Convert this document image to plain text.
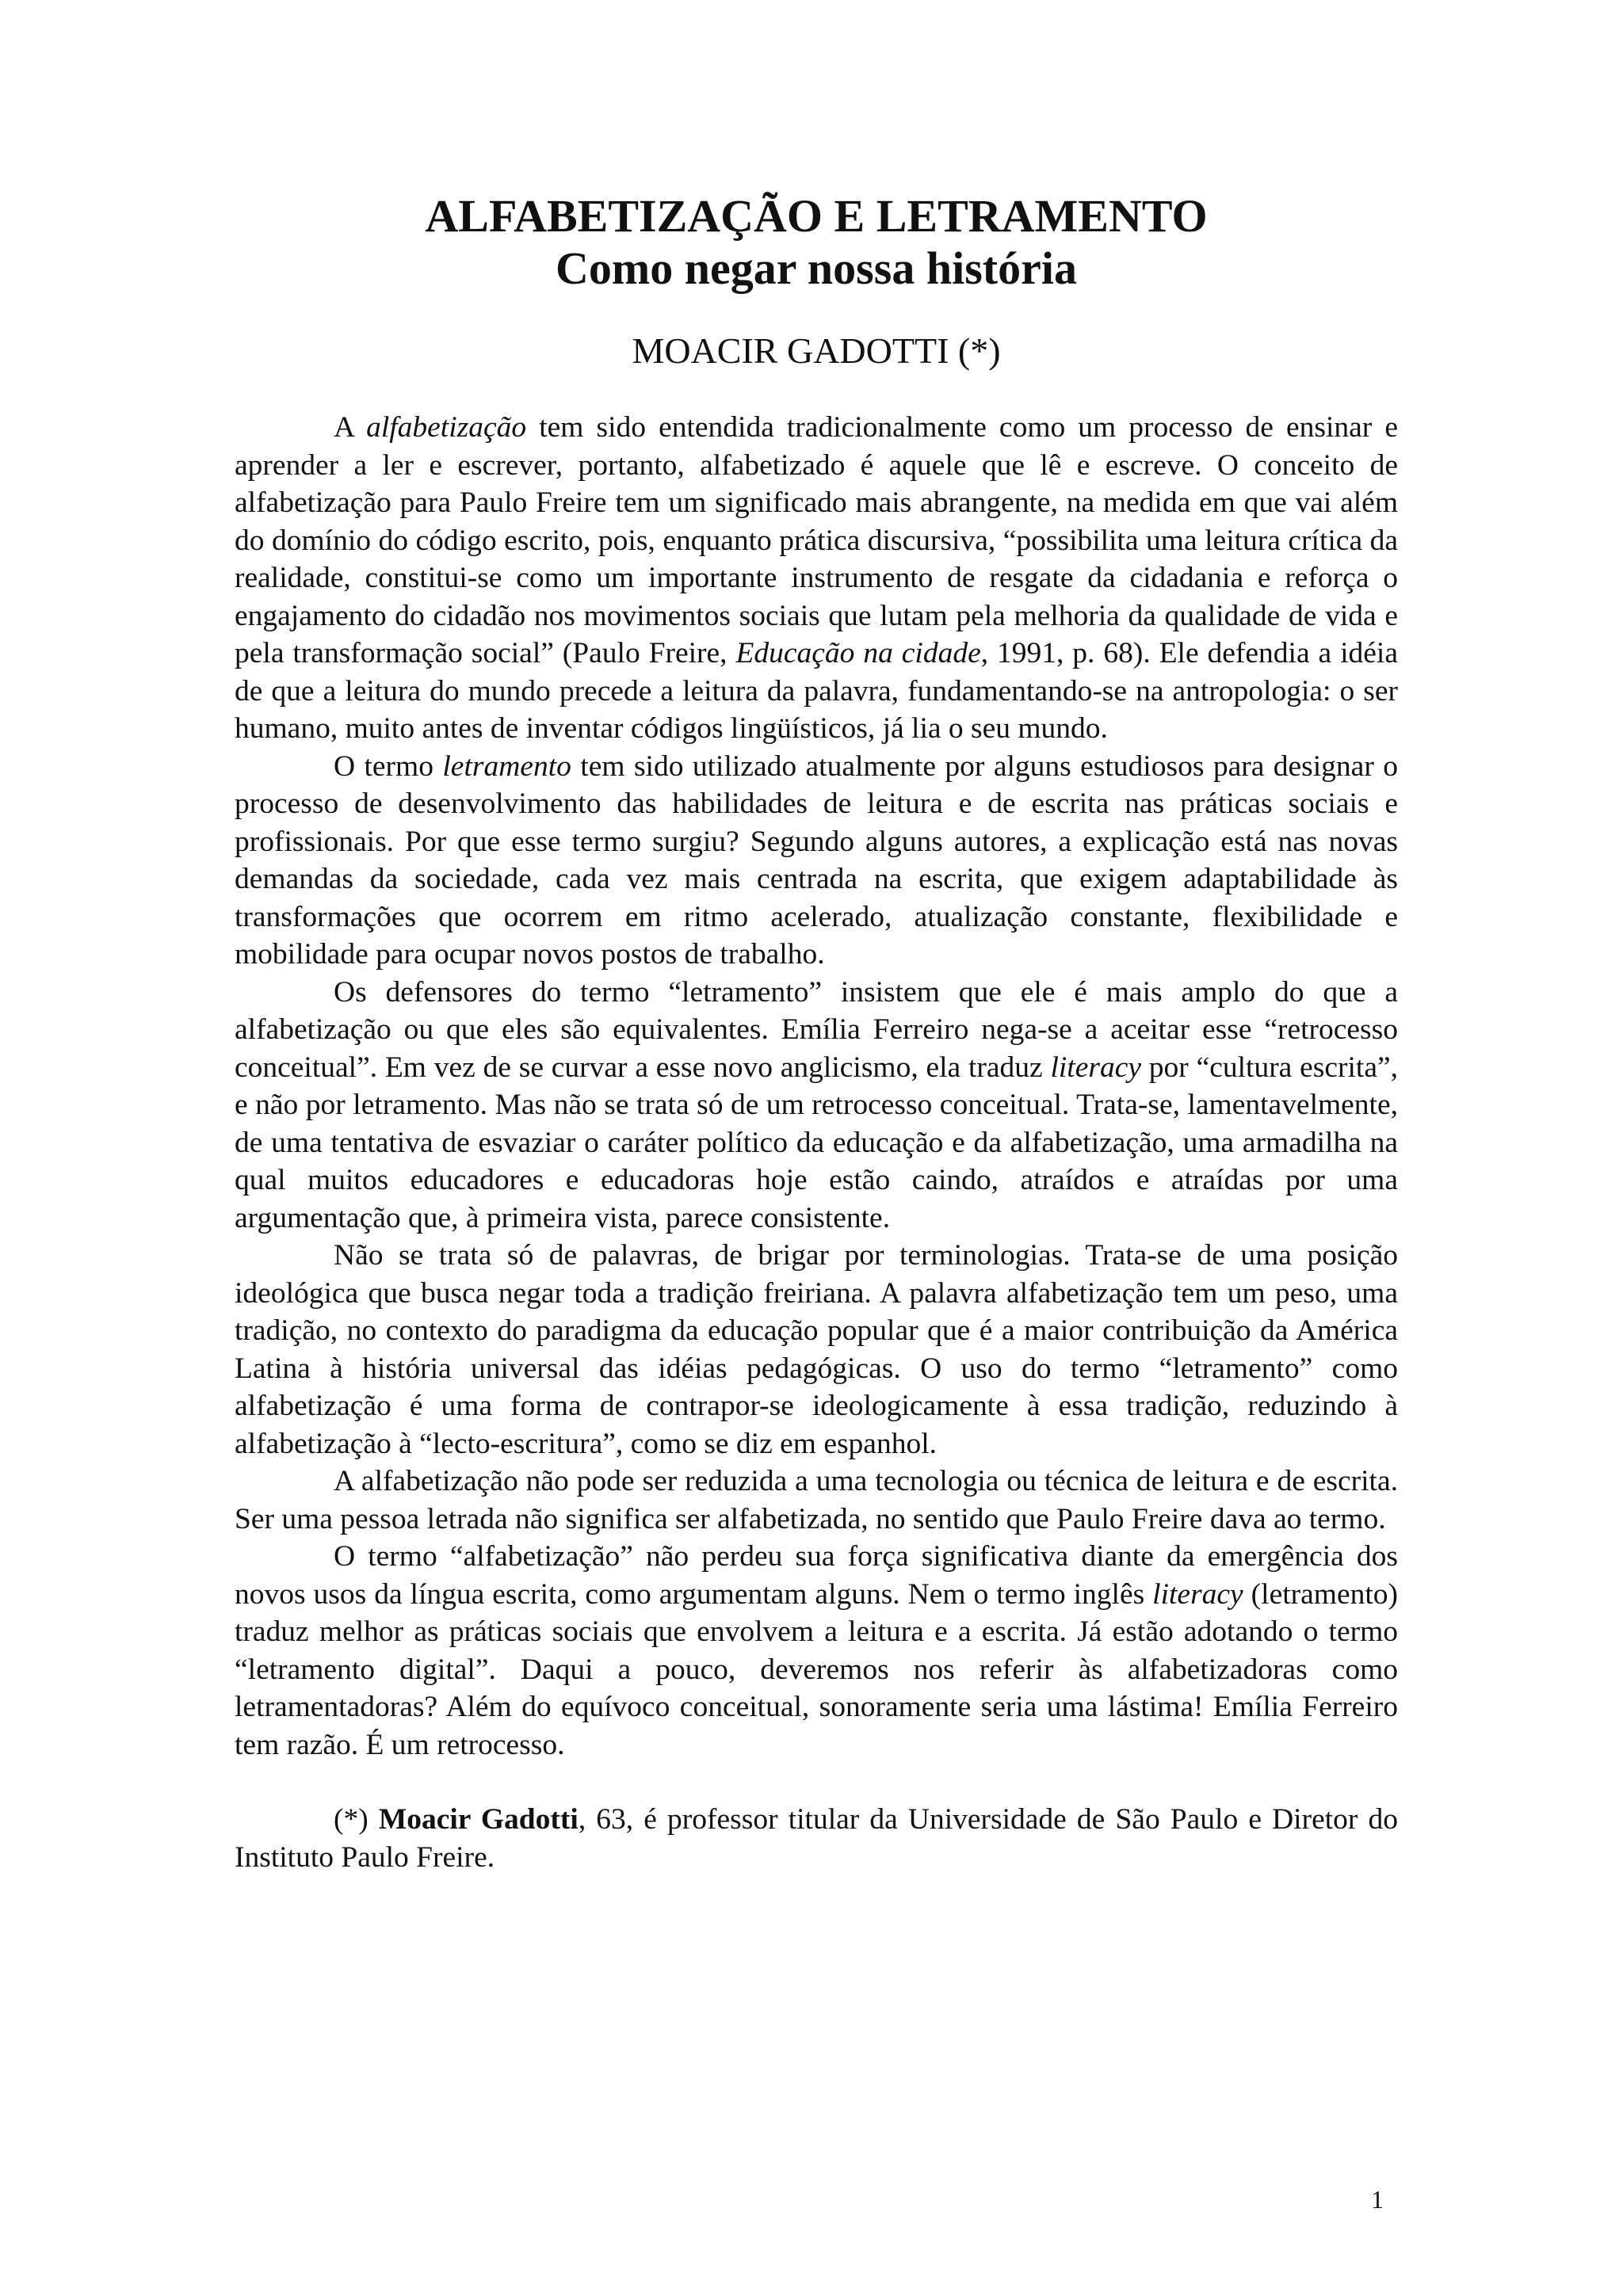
ALFABETIZAÇÃO E LETRAMENTO
Como negar nossa história
MOACIR GADOTTI (*)

A alfabetização tem sido entendida tradicionalmente como um processo de ensinar e aprender a ler e escrever, portanto, alfabetizado é aquele que lê e escreve. O conceito de alfabetização para Paulo Freire tem um significado mais abrangente, na medida em que vai além do domínio do código escrito, pois, enquanto prática discursiva, “possibilita uma leitura crítica da realidade, constitui-se como um importante instrumento de resgate da cidadania e reforça o engajamento do cidadão nos movimentos sociais que lutam pela melhoria da qualidade de vida e pela transformação social” (Paulo Freire, Educação na cidade, 1991, p. 68). Ele defendia a idéia de que a leitura do mundo precede a leitura da palavra, fundamentando-se na antropologia: o ser humano, muito antes de inventar códigos lingüísticos, já lia o seu mundo.

O termo letramento tem sido utilizado atualmente por alguns estudiosos para designar o processo de desenvolvimento das habilidades de leitura e de escrita nas práticas sociais e profissionais. Por que esse termo surgiu? Segundo alguns autores, a explicação está nas novas demandas da sociedade, cada vez mais centrada na escrita, que exigem adaptabilidade às transformações que ocorrem em ritmo acelerado, atualização constante, flexibilidade e mobilidade para ocupar novos postos de trabalho.

Os defensores do termo “letramento” insistem que ele é mais amplo do que a alfabetização ou que eles são equivalentes. Emília Ferreiro nega-se a aceitar esse “retrocesso conceitual”. Em vez de se curvar a esse novo anglicismo, ela traduz literacy por “cultura escrita”, e não por letramento. Mas não se trata só de um retrocesso conceitual. Trata-se, lamentavelmente, de uma tentativa de esvaziar o caráter político da educação e da alfabetização, uma armadilha na qual muitos educadores e educadoras hoje estão caindo, atraídos e atraídas por uma argumentação que, à primeira vista, parece consistente.

Não se trata só de palavras, de brigar por terminologias. Trata-se de uma posição ideológica que busca negar toda a tradição freiriana. A palavra alfabetização tem um peso, uma tradição, no contexto do paradigma da educação popular que é a maior contribuição da América Latina à história universal das idéias pedagógicas. O uso do termo “letramento” como alfabetização é uma forma de contrapor-se ideologicamente à essa tradição, reduzindo à alfabetização à “lecto-escritura”, como se diz em espanhol.

A alfabetização não pode ser reduzida a uma tecnologia ou técnica de leitura e de escrita. Ser uma pessoa letrada não significa ser alfabetizada, no sentido que Paulo Freire dava ao termo.

O termo “alfabetização” não perdeu sua força significativa diante da emergência dos novos usos da língua escrita, como argumentam alguns. Nem o termo inglês literacy (letramento) traduz melhor as práticas sociais que envolvem a leitura e a escrita. Já estão adotando o termo “letramento digital”. Daqui a pouco, deveremos nos referir às alfabetizadoras como letramentadoras? Além do equívoco conceitual, sonoramente seria uma lástima! Emília Ferreiro tem razão. É um retrocesso.

(*) Moacir Gadotti, 63, é professor titular da Universidade de São Paulo e Diretor do Instituto Paulo Freire.

1
